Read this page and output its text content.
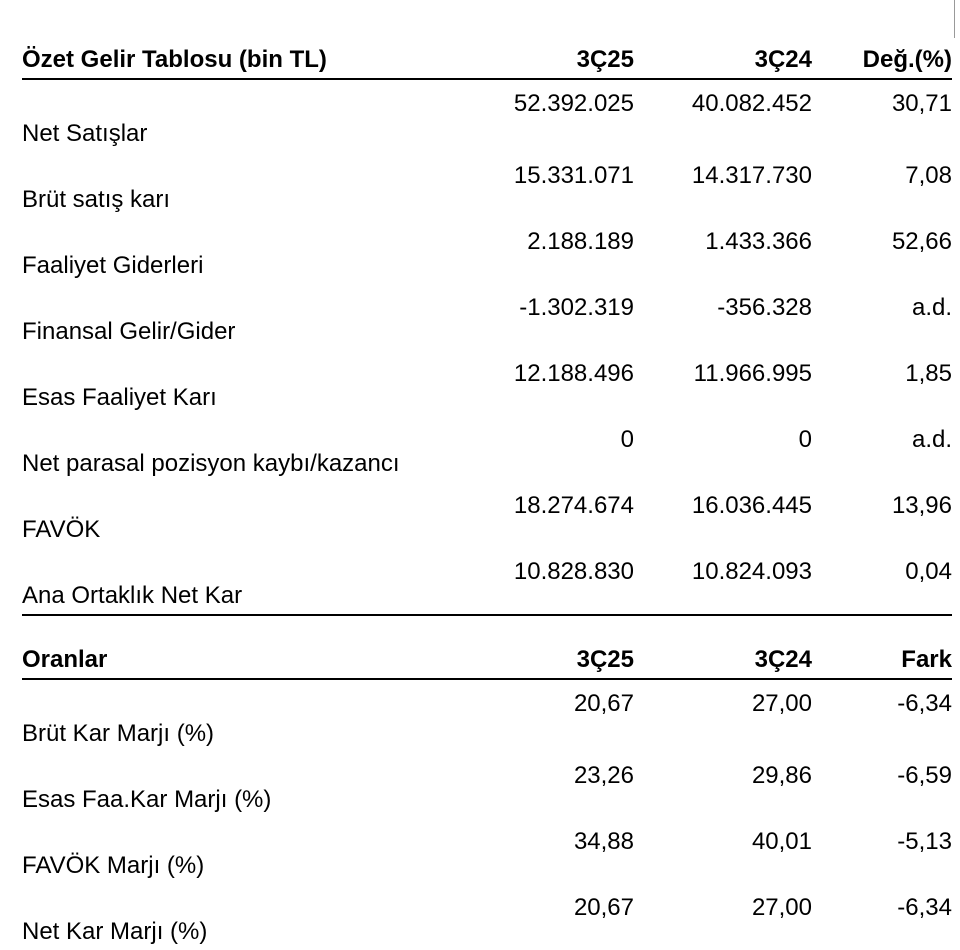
Özet Gelir Tablosu (bin TL)	3Ç25	3Ç24	Değ.(%)
Net Satışlar	52.392.025	40.082.452	30,71
Brüt satış karı	15.331.071	14.317.730	7,08
Faaliyet Giderleri	2.188.189	1.433.366	52,66
Finansal Gelir/Gider	-1.302.319	-356.328	a.d.
Esas Faaliyet Karı	12.188.496	11.966.995	1,85
Net parasal pozisyon kaybı/kazancı	0	0	a.d.
FAVÖK	18.274.674	16.036.445	13,96
Ana Ortaklık Net Kar	10.828.830	10.824.093	0,04
Oranlar	3Ç25	3Ç24	Fark
Brüt Kar Marjı (%)	20,67	27,00	-6,34
Esas Faa.Kar Marjı (%)	23,26	29,86	-6,59
FAVÖK Marjı (%)	34,88	40,01	-5,13
Net Kar Marjı (%)	20,67	27,00	-6,34
